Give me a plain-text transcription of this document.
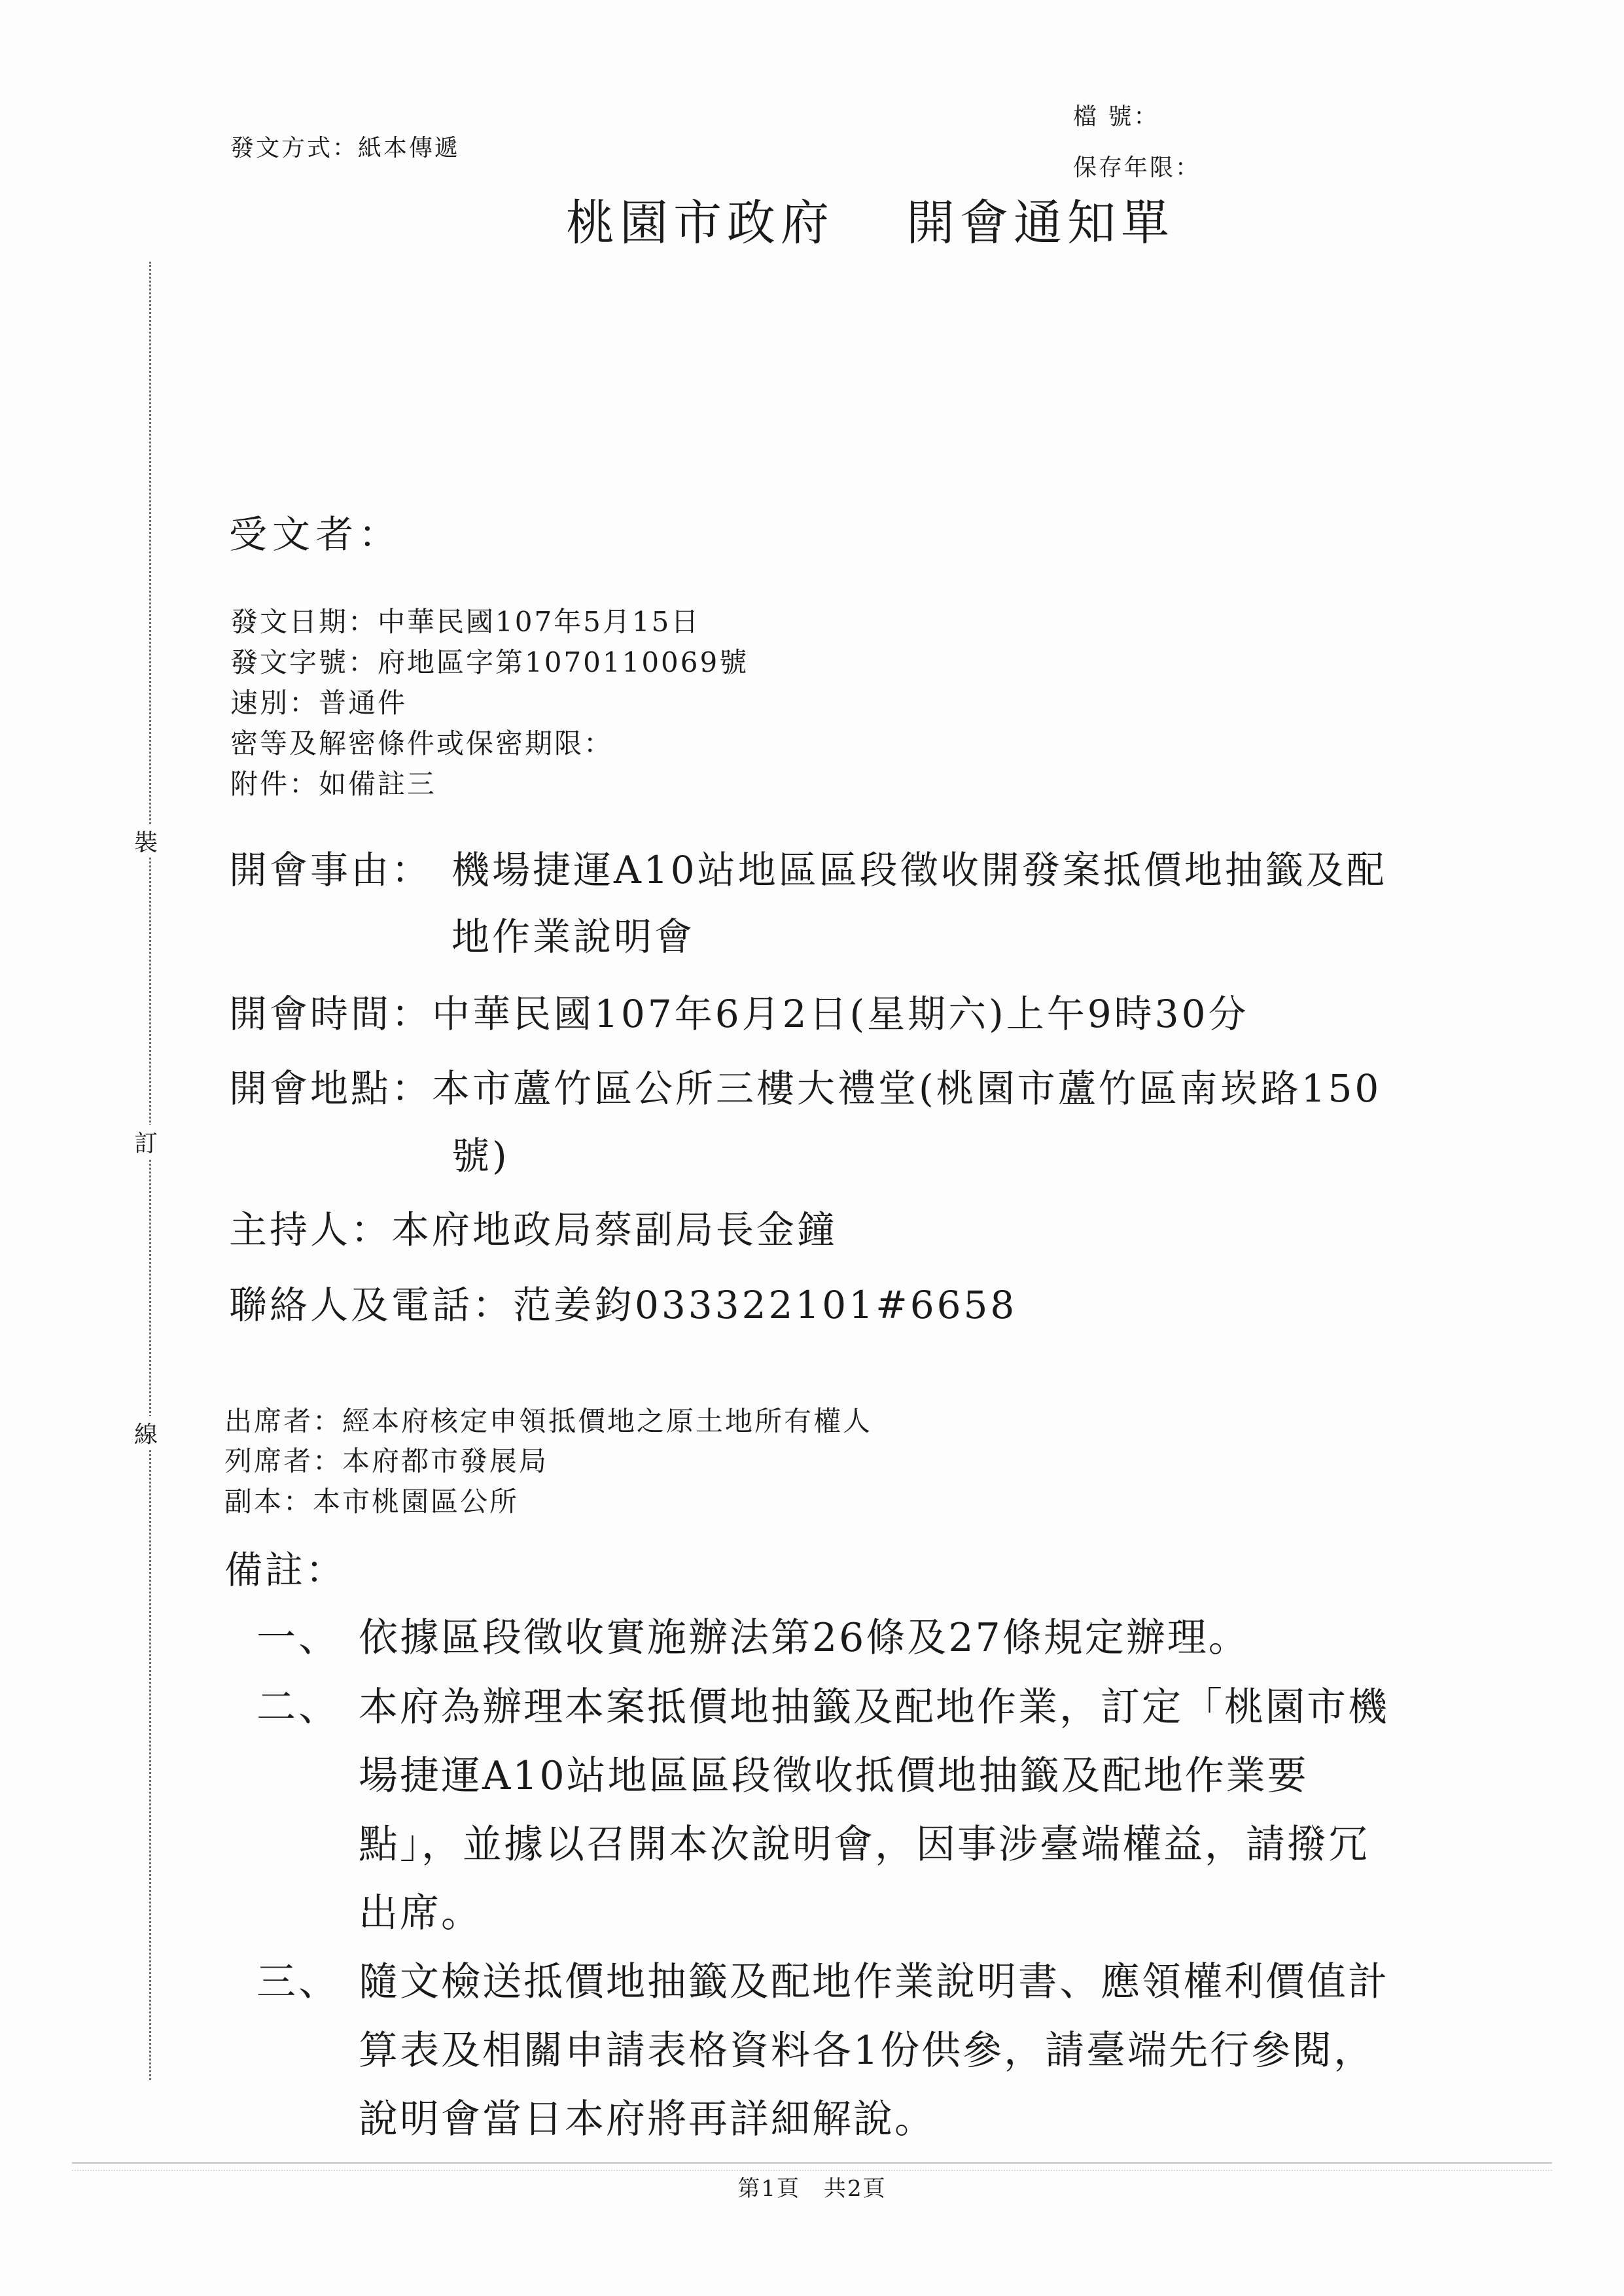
檔 號：
保存年限：
發文方式：紙本傳遞
桃園市政府 開會通知單
裝
訂
線
受文者：
發文日期：中華民國107年5月15日
發文字號：府地區字第1070110069號
速別：普通件
密等及解密條件或保密期限：
附件：如備註三
開會事由： 機場捷運A10站地區區段徵收開發案抵價地抽籤及配
地作業說明會
開會時間：中華民國107年6月2日(星期六)上午9時30分
開會地點：本市蘆竹區公所三樓大禮堂(桃園市蘆竹區南崁路150
號)
主持人：本府地政局蔡副局長金鐘
聯絡人及電話：范姜鈞033322101#6658
出席者：經本府核定申領抵價地之原土地所有權人
列席者：本府都市發展局
副本：本市桃園區公所
備註：
一、 依據區段徵收實施辦法第26條及27條規定辦理。
二、 本府為辦理本案抵價地抽籤及配地作業，訂定「桃園市機
場捷運A10站地區區段徵收抵價地抽籤及配地作業要
點」，並據以召開本次說明會，因事涉臺端權益，請撥冗
出席。
三、 隨文檢送抵價地抽籤及配地作業說明書、應領權利價值計
算表及相關申請表格資料各1份供參，請臺端先行參閱，
說明會當日本府將再詳細解說。
第1頁 共2頁
